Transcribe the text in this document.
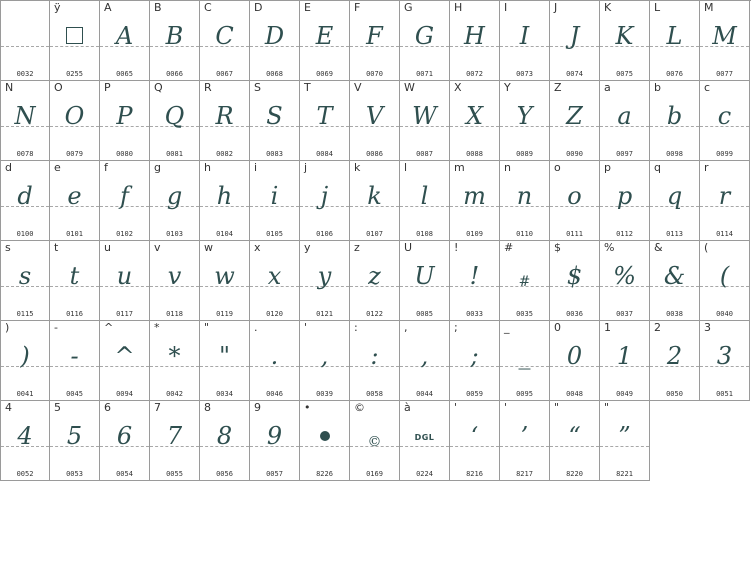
0032
ÿ
0255
A
A
0065
B
B
0066
C
C
0067
D
D
0068
E
E
0069
F
F
0070
G
G
0071
H
H
0072
I
I
0073
J
J
0074
K
K
0075
L
L
0076
M
M
0077
N
N
0078
O
O
0079
P
P
0080
Q
Q
0081
R
R
0082
S
S
0083
T
T
0084
V
V
0086
W
W
0087
X
X
0088
Y
Y
0089
Z
Z
0090
a
a
0097
b
b
0098
c
c
0099
d
d
0100
e
e
0101
f
f
0102
g
g
0103
h
h
0104
i
i
0105
j
j
0106
k
k
0107
l
l
0108
m
m
0109
n
n
0110
o
o
0111
p
p
0112
q
q
0113
r
r
0114
s
s
0115
t
t
0116
u
u
0117
v
v
0118
w
w
0119
x
x
0120
y
y
0121
z
z
0122
U
U
0085
!
!
0033
#
#
0035
$
$
0036
%
%
0037
&
&
0038
(
(
0040
)
)
0041
-
-
0045
^
^
0094
*
*
0042
"
"
0034
.
.
0046
'
,
0039
:
:
0058
,
,
0044
;
;
0059
_
_
0095
0
0
0048
1
1
0049
2
2
0050
3
3
0051
4
4
0052
5
5
0053
6
6
0054
7
7
0055
8
8
0056
9
9
0057
•
8226
©
©
0169
à
DGL
0224
'
‘
8216
'
’
8217
"
“
8220
"
”
8221
